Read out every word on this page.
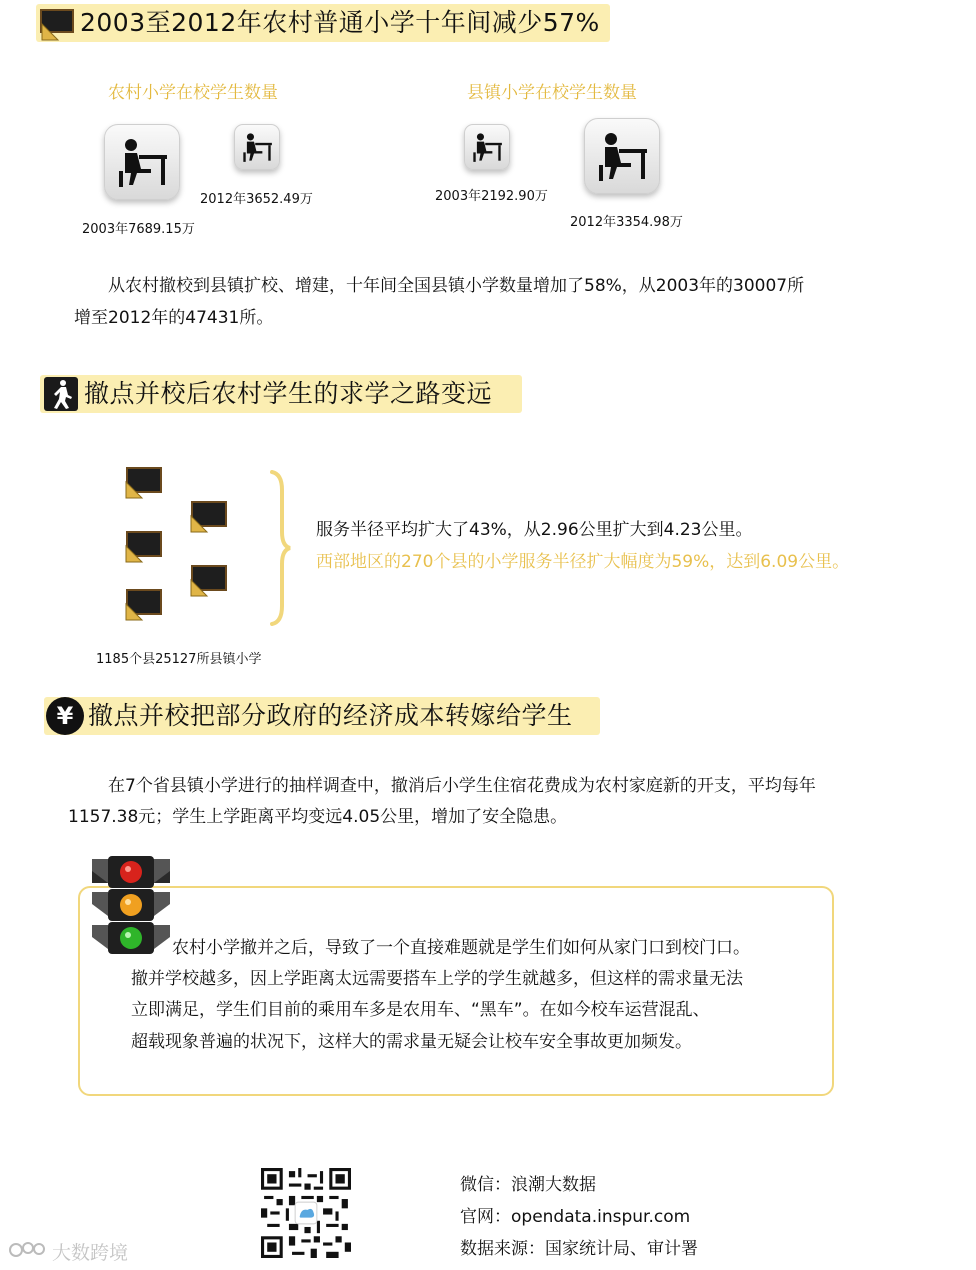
2003至2012年农村普通小学十年间减少57%
农村小学在校学生数量	县镇小学在校学生数量
2003年7689.15万
2012年3652.49万	2003年2192.90万
2012年3354.98万
从农村撤校到县镇扩校、增建，十年间全国县镇小学数量增加了58%，从2003年的30007所
增至2012年的47431所。
撤点并校后农村学生的求学之路变远
1185个县25127所县镇小学
服务半径平均扩大了43%，从2.96公里扩大到4.23公里。
西部地区的270个县的小学服务半径扩大幅度为59%，达到6.09公里。
¥ 撤点并校把部分政府的经济成本转嫁给学生
在7个省县镇小学进行的抽样调查中，撤消后小学生住宿花费成为农村家庭新的开支，平均每年
1157.38元；学生上学距离平均变远4.05公里，增加了安全隐患。
农村小学撤并之后，导致了一个直接难题就是学生们如何从家门口到校门口。
撤并学校越多，因上学距离太远需要搭车上学的学生就越多，但这样的需求量无法
立即满足，学生们目前的乘用车多是农用车、“黑车”。在如今校车运营混乱、
超载现象普遍的状况下，这样大的需求量无疑会让校车安全事故更加频发。
微信：浪潮大数据
官网：opendata.inspur.com
数据来源：国家统计局、审计署
大数跨境
